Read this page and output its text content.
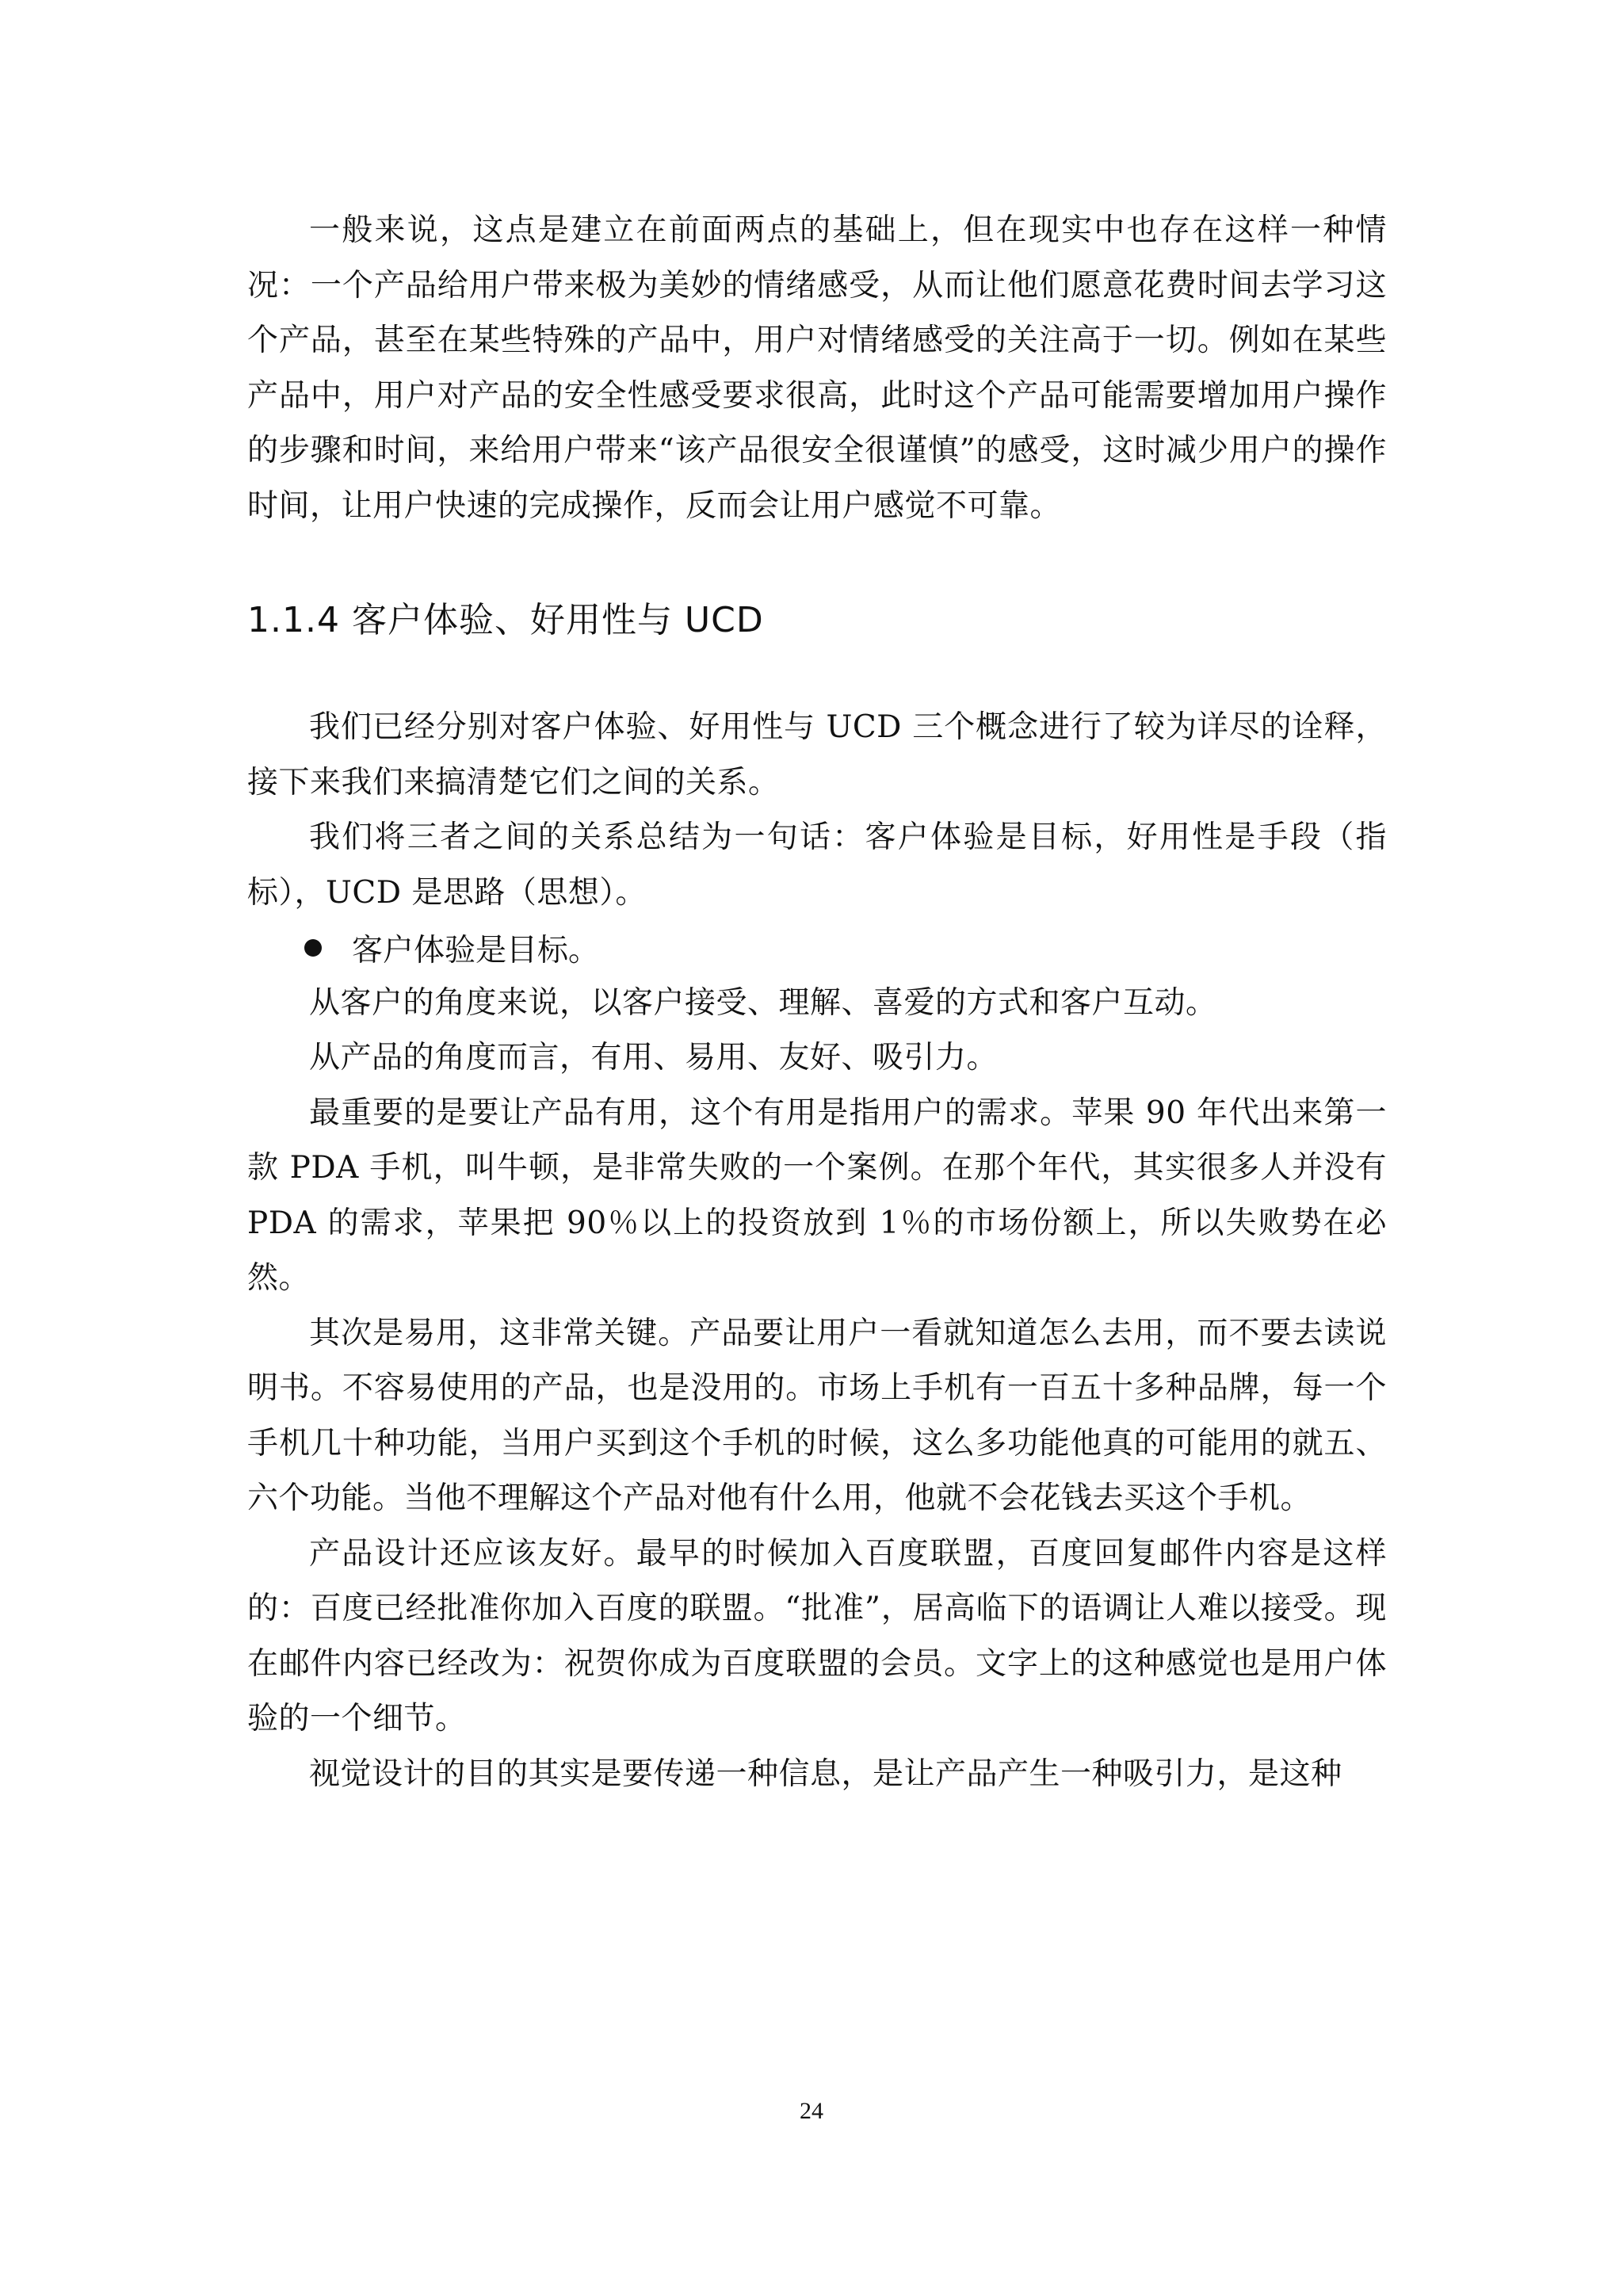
一般来说，这点是建立在前面两点的基础上，但在现实中也存在这样一种情况：一个产品给用户带来极为美妙的情绪感受，从而让他们愿意花费时间去学习这个产品，甚至在某些特殊的产品中，用户对情绪感受的关注高于一切。例如在某些产品中，用户对产品的安全性感受要求很高，此时这个产品可能需要增加用户操作的步骤和时间，来给用户带来“该产品很安全很谨慎”的感受，这时减少用户的操作时间，让用户快速的完成操作，反而会让用户感觉不可靠。

1.1.4 客户体验、好用性与 UCD

我们已经分别对客户体验、好用性与 UCD 三个概念进行了较为详尽的诠释，接下来我们来搞清楚它们之间的关系。

我们将三者之间的关系总结为一句话：客户体验是目标，好用性是手段（指标），UCD 是思路（思想）。

客户体验是目标。

从客户的角度来说，以客户接受、理解、喜爱的方式和客户互动。

从产品的角度而言，有用、易用、友好、吸引力。

最重要的是要让产品有用，这个有用是指用户的需求。苹果 90 年代出来第一款 PDA 手机，叫牛顿，是非常失败的一个案例。在那个年代，其实很多人并没有 PDA 的需求，苹果把 90％以上的投资放到 1％的市场份额上，所以失败势在必然。

其次是易用，这非常关键。产品要让用户一看就知道怎么去用，而不要去读说明书。不容易使用的产品，也是没用的。市场上手机有一百五十多种品牌，每一个手机几十种功能，当用户买到这个手机的时候，这么多功能他真的可能用的就五、六个功能。当他不理解这个产品对他有什么用，他就不会花钱去买这个手机。

产品设计还应该友好。最早的时候加入百度联盟，百度回复邮件内容是这样的：百度已经批准你加入百度的联盟。“批准”，居高临下的语调让人难以接受。现在邮件内容已经改为：祝贺你成为百度联盟的会员。文字上的这种感觉也是用户体验的一个细节。

视觉设计的目的其实是要传递一种信息，是让产品产生一种吸引力，是这种

24
